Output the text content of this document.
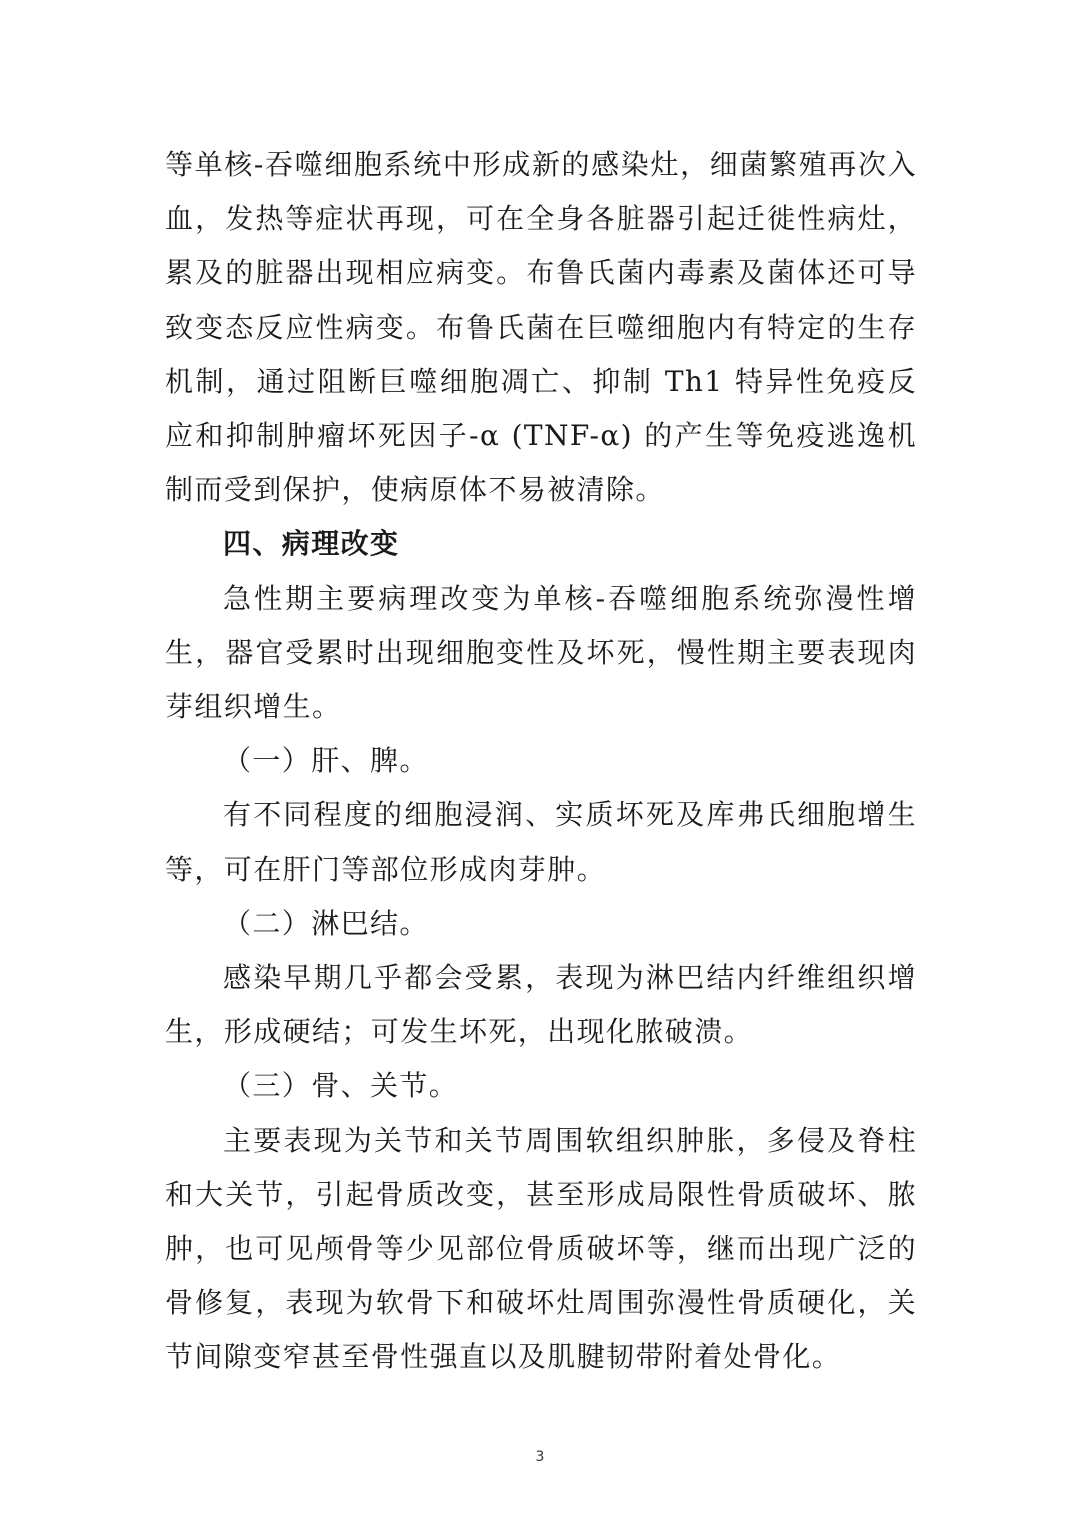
等单核-吞噬细胞系统中形成新的感染灶，细菌繁殖再次入血，发热等症状再现，可在全身各脏器引起迁徙性病灶，累及的脏器出现相应病变。布鲁氏菌内毒素及菌体还可导致变态反应性病变。布鲁氏菌在巨噬细胞内有特定的生存机制，通过阻断巨噬细胞凋亡、抑制 Th1 特异性免疫反应和抑制肿瘤坏死因子-α (TNF-α) 的产生等免疫逃逸机制而受到保护，使病原体不易被清除。

四、病理改变

急性期主要病理改变为单核-吞噬细胞系统弥漫性增生，器官受累时出现细胞变性及坏死，慢性期主要表现肉芽组织增生。

（一）肝、脾。

有不同程度的细胞浸润、实质坏死及库弗氏细胞增生等，可在肝门等部位形成肉芽肿。

（二）淋巴结。

感染早期几乎都会受累，表现为淋巴结内纤维组织增生，形成硬结；可发生坏死，出现化脓破溃。

（三）骨、关节。

主要表现为关节和关节周围软组织肿胀，多侵及脊柱和大关节，引起骨质改变，甚至形成局限性骨质破坏、脓肿，也可见颅骨等少见部位骨质破坏等，继而出现广泛的骨修复，表现为软骨下和破坏灶周围弥漫性骨质硬化，关节间隙变窄甚至骨性强直以及肌腱韧带附着处骨化。

3
